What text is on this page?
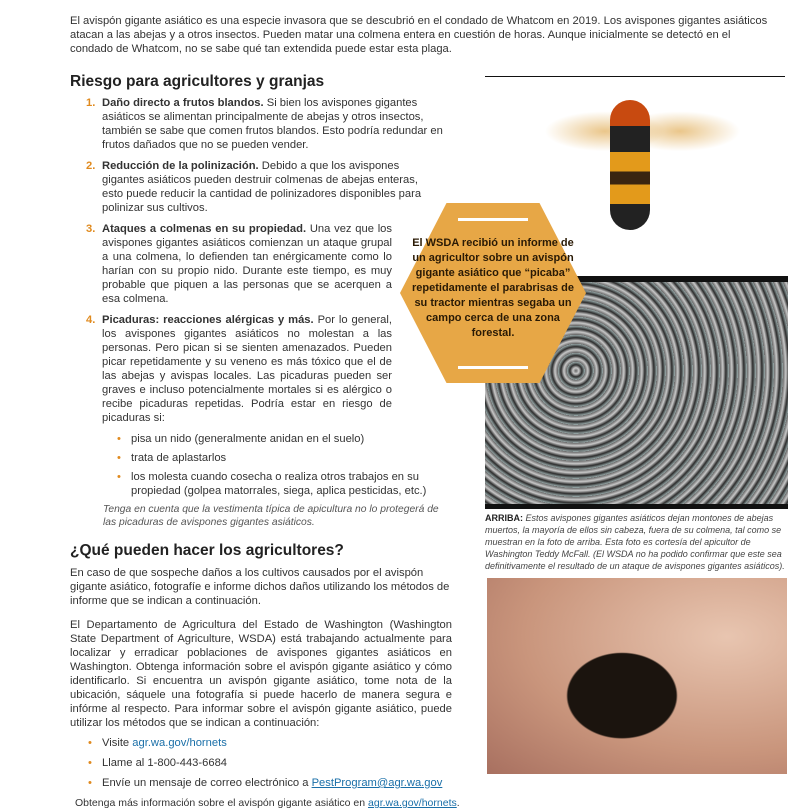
El avispón gigante asiático es una especie invasora que se descubrió en el condado de Whatcom en 2019. Los avispones gigantes asiáticos atacan a las abejas y a otros insectos. Pueden matar una colmena entera en cuestión de horas. Aunque inicialmente se detectó en el condado de Whatcom, no se sabe qué tan extendida puede estar esta plaga.

Riesgo para agricultores y granjas
1. Daño directo a frutos blandos. Si bien los avispones gigantes asiáticos se alimentan principalmente de abejas y otros insectos, también se sabe que comen frutos blandos. Esto podría redundar en frutos dañados que no se pueden vender.
2. Reducción de la polinización. Debido a que los avispones gigantes asiáticos pueden destruir colmenas de abejas enteras, esto puede reducir la cantidad de polinizadores disponibles para polinizar sus cultivos.
3. Ataques a colmenas en su propiedad. Una vez que los avispones gigantes asiáticos comienzan un ataque grupal a una colmena, lo defienden tan enérgicamente como lo harían con su propio nido. Durante este tiempo, es muy probable que piquen a las personas que se acerquen a esa colmena.
4. Picaduras: reacciones alérgicas y más. Por lo general, los avispones gigantes asiáticos no molestan a las personas. Pero pican si se sienten amenazados. Pueden picar repetidamente y su veneno es más tóxico que el de las abejas y avispas locales. Las picaduras pueden ser graves e incluso potencialmente mortales si es alérgico o recibe picaduras repetidas. Podría estar en riesgo de picaduras si:
• pisa un nido (generalmente anidan en el suelo)
• trata de aplastarlos
• los molesta cuando cosecha o realiza otros trabajos en su propiedad (golpea matorrales, siega, aplica pesticidas, etc.)

Tenga en cuenta que la vestimenta típica de apicultura no lo protegerá de las picaduras de avispones gigantes asiáticos.

¿Qué pueden hacer los agricultores?

En caso de que sospeche daños a los cultivos causados por el avispón gigante asiático, fotografíe e informe dichos daños utilizando los métodos de informe que se indican a continuación.

El Departamento de Agricultura del Estado de Washington (Washington State Department of Agriculture, WSDA) está trabajando actualmente para localizar y erradicar poblaciones de avispones gigantes asiáticos en Washington. Obtenga información sobre el avispón gigante asiático y cómo identificarlo. Si encuentra un avispón gigante asiático, tome nota de la ubicación, sáquele una fotografía si puede hacerlo de manera segura e infórme al respecto. Para informar sobre el avispón gigante asiático, puede utilizar los métodos que se indican a continuación:

• Visite agr.wa.gov/hornets
• Llame al 1-800-443-6684
• Envíe un mensaje de correo electrónico a PestProgram@agr.wa.gov

Obtenga más información sobre el avispón gigante asiático en agr.wa.gov/hornets.

ARRIBA: Estos avispones gigantes asiáticos dejan montones de abejas muertos, la mayoría de ellos sin cabeza, fuera de su colmena, tal como se muestran en la foto de arriba. Esta foto es cortesía del apicultor de Washington Teddy McFall. (El WSDA no ha podido confirmar que este sea definitivamente el resultado de un ataque de avispones gigantes asiáticos).

El WSDA recibió un informe de un agricultor sobre un avispón gigante asiático que “picaba” repetidamente el parabrisas de su tractor mientras segaba un campo cerca de una zona forestal.
